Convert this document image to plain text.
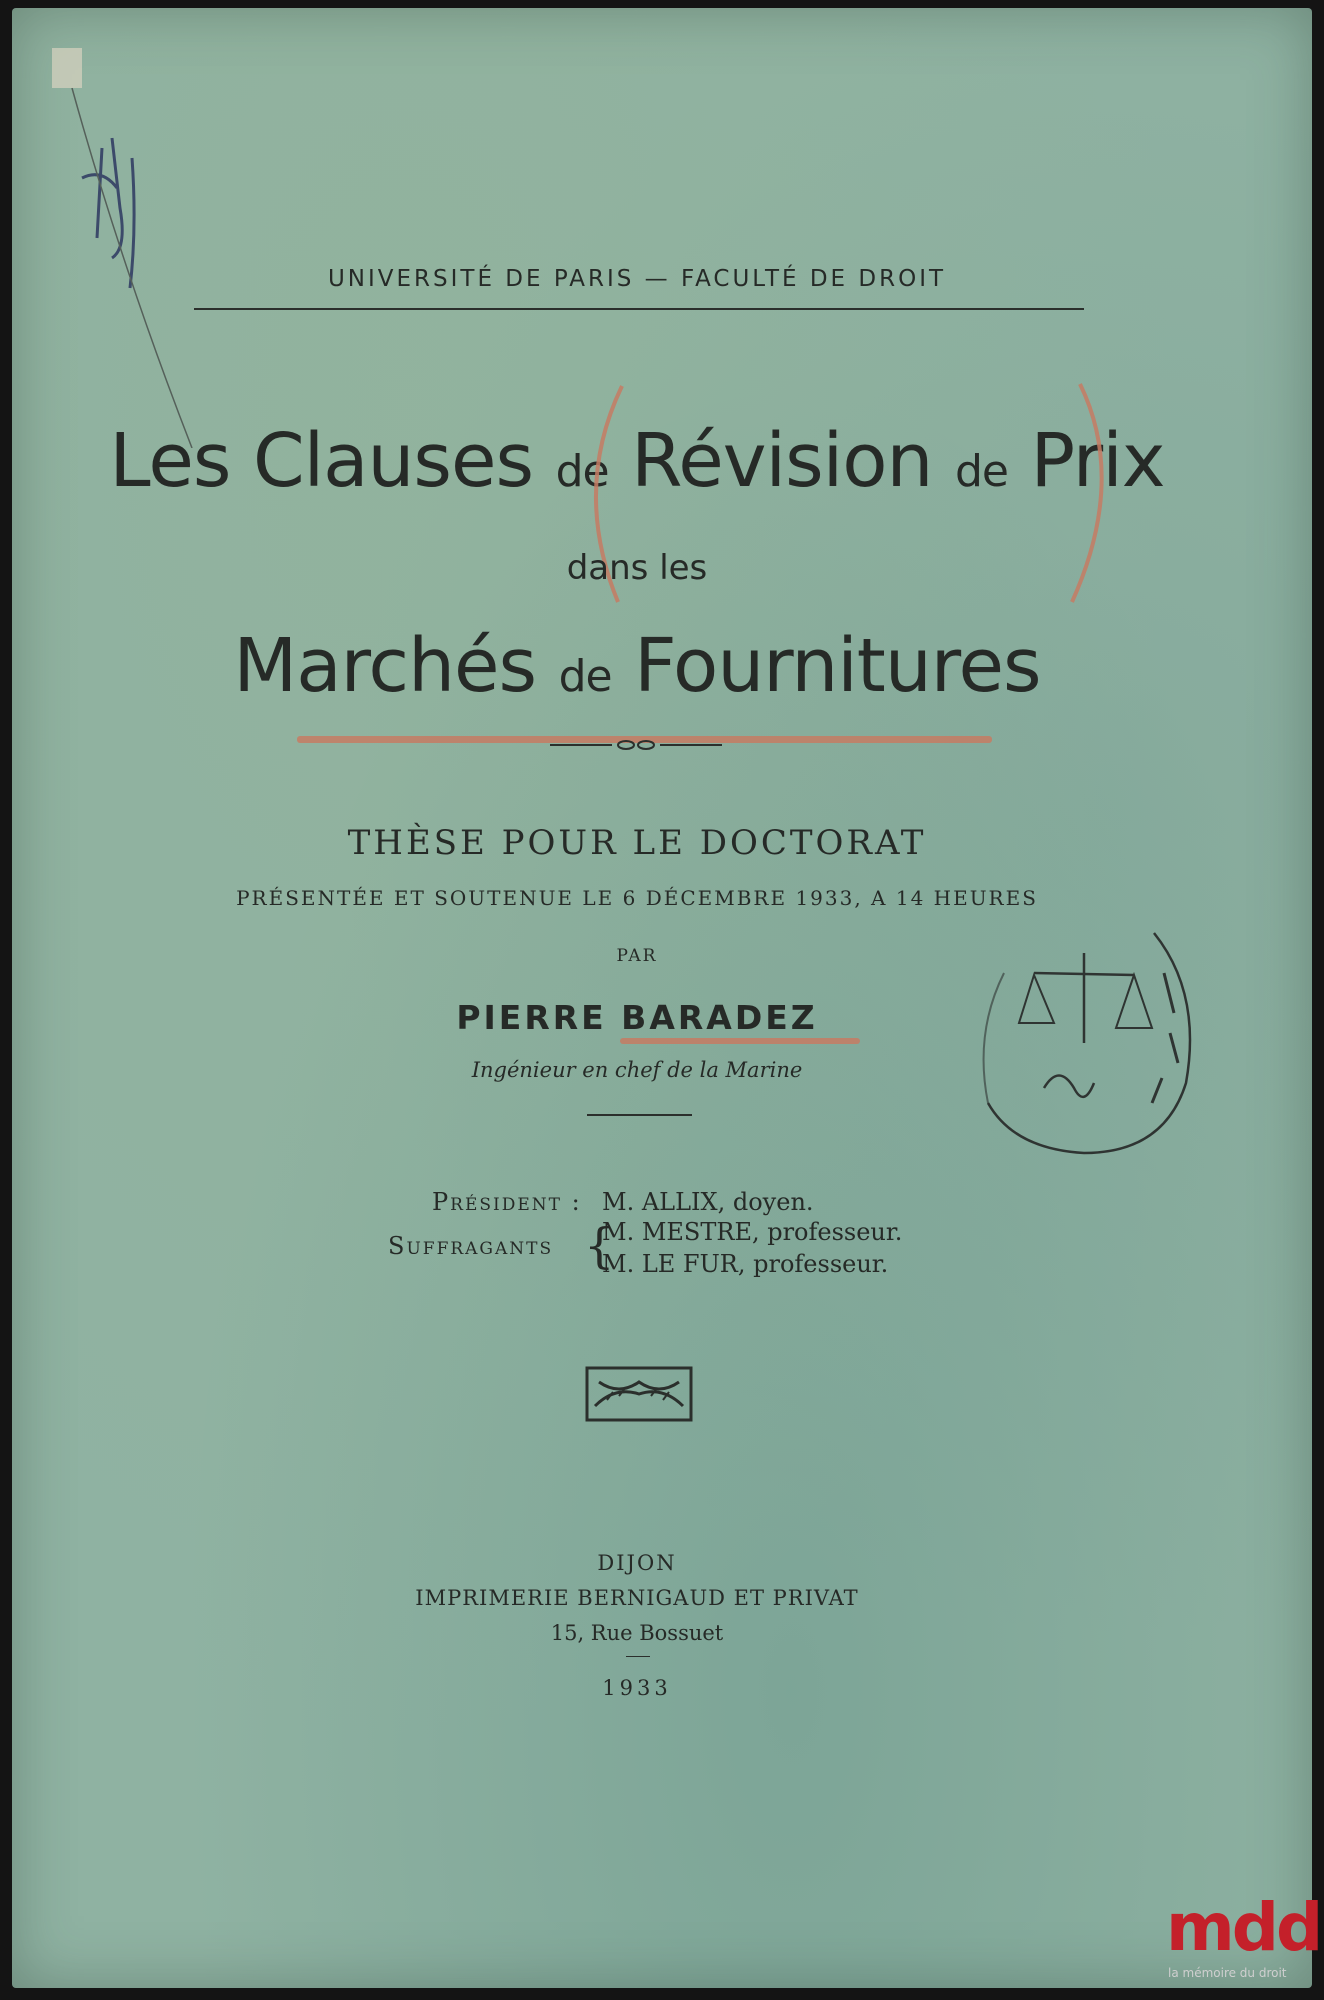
UNIVERSITÉ DE PARIS — FACULTÉ DE DROIT
Les Clauses de Révision de Prix
dans les
Marchés de Fournitures
THÈSE POUR LE DOCTORAT
PRÉSENTÉE ET SOUTENUE LE 6 DÉCEMBRE 1933, A 14 HEURES
PAR
PIERRE BARADEZ
Ingénieur en chef de la Marine
Président : M. ALLIX, doyen.
Suffragants {
M. MESTRE, professeur.
M. LE FUR, professeur.
DIJON
IMPRIMERIE BERNIGAUD ET PRIVAT
15, Rue Bossuet
1933
mdd
la mémoire du droit
